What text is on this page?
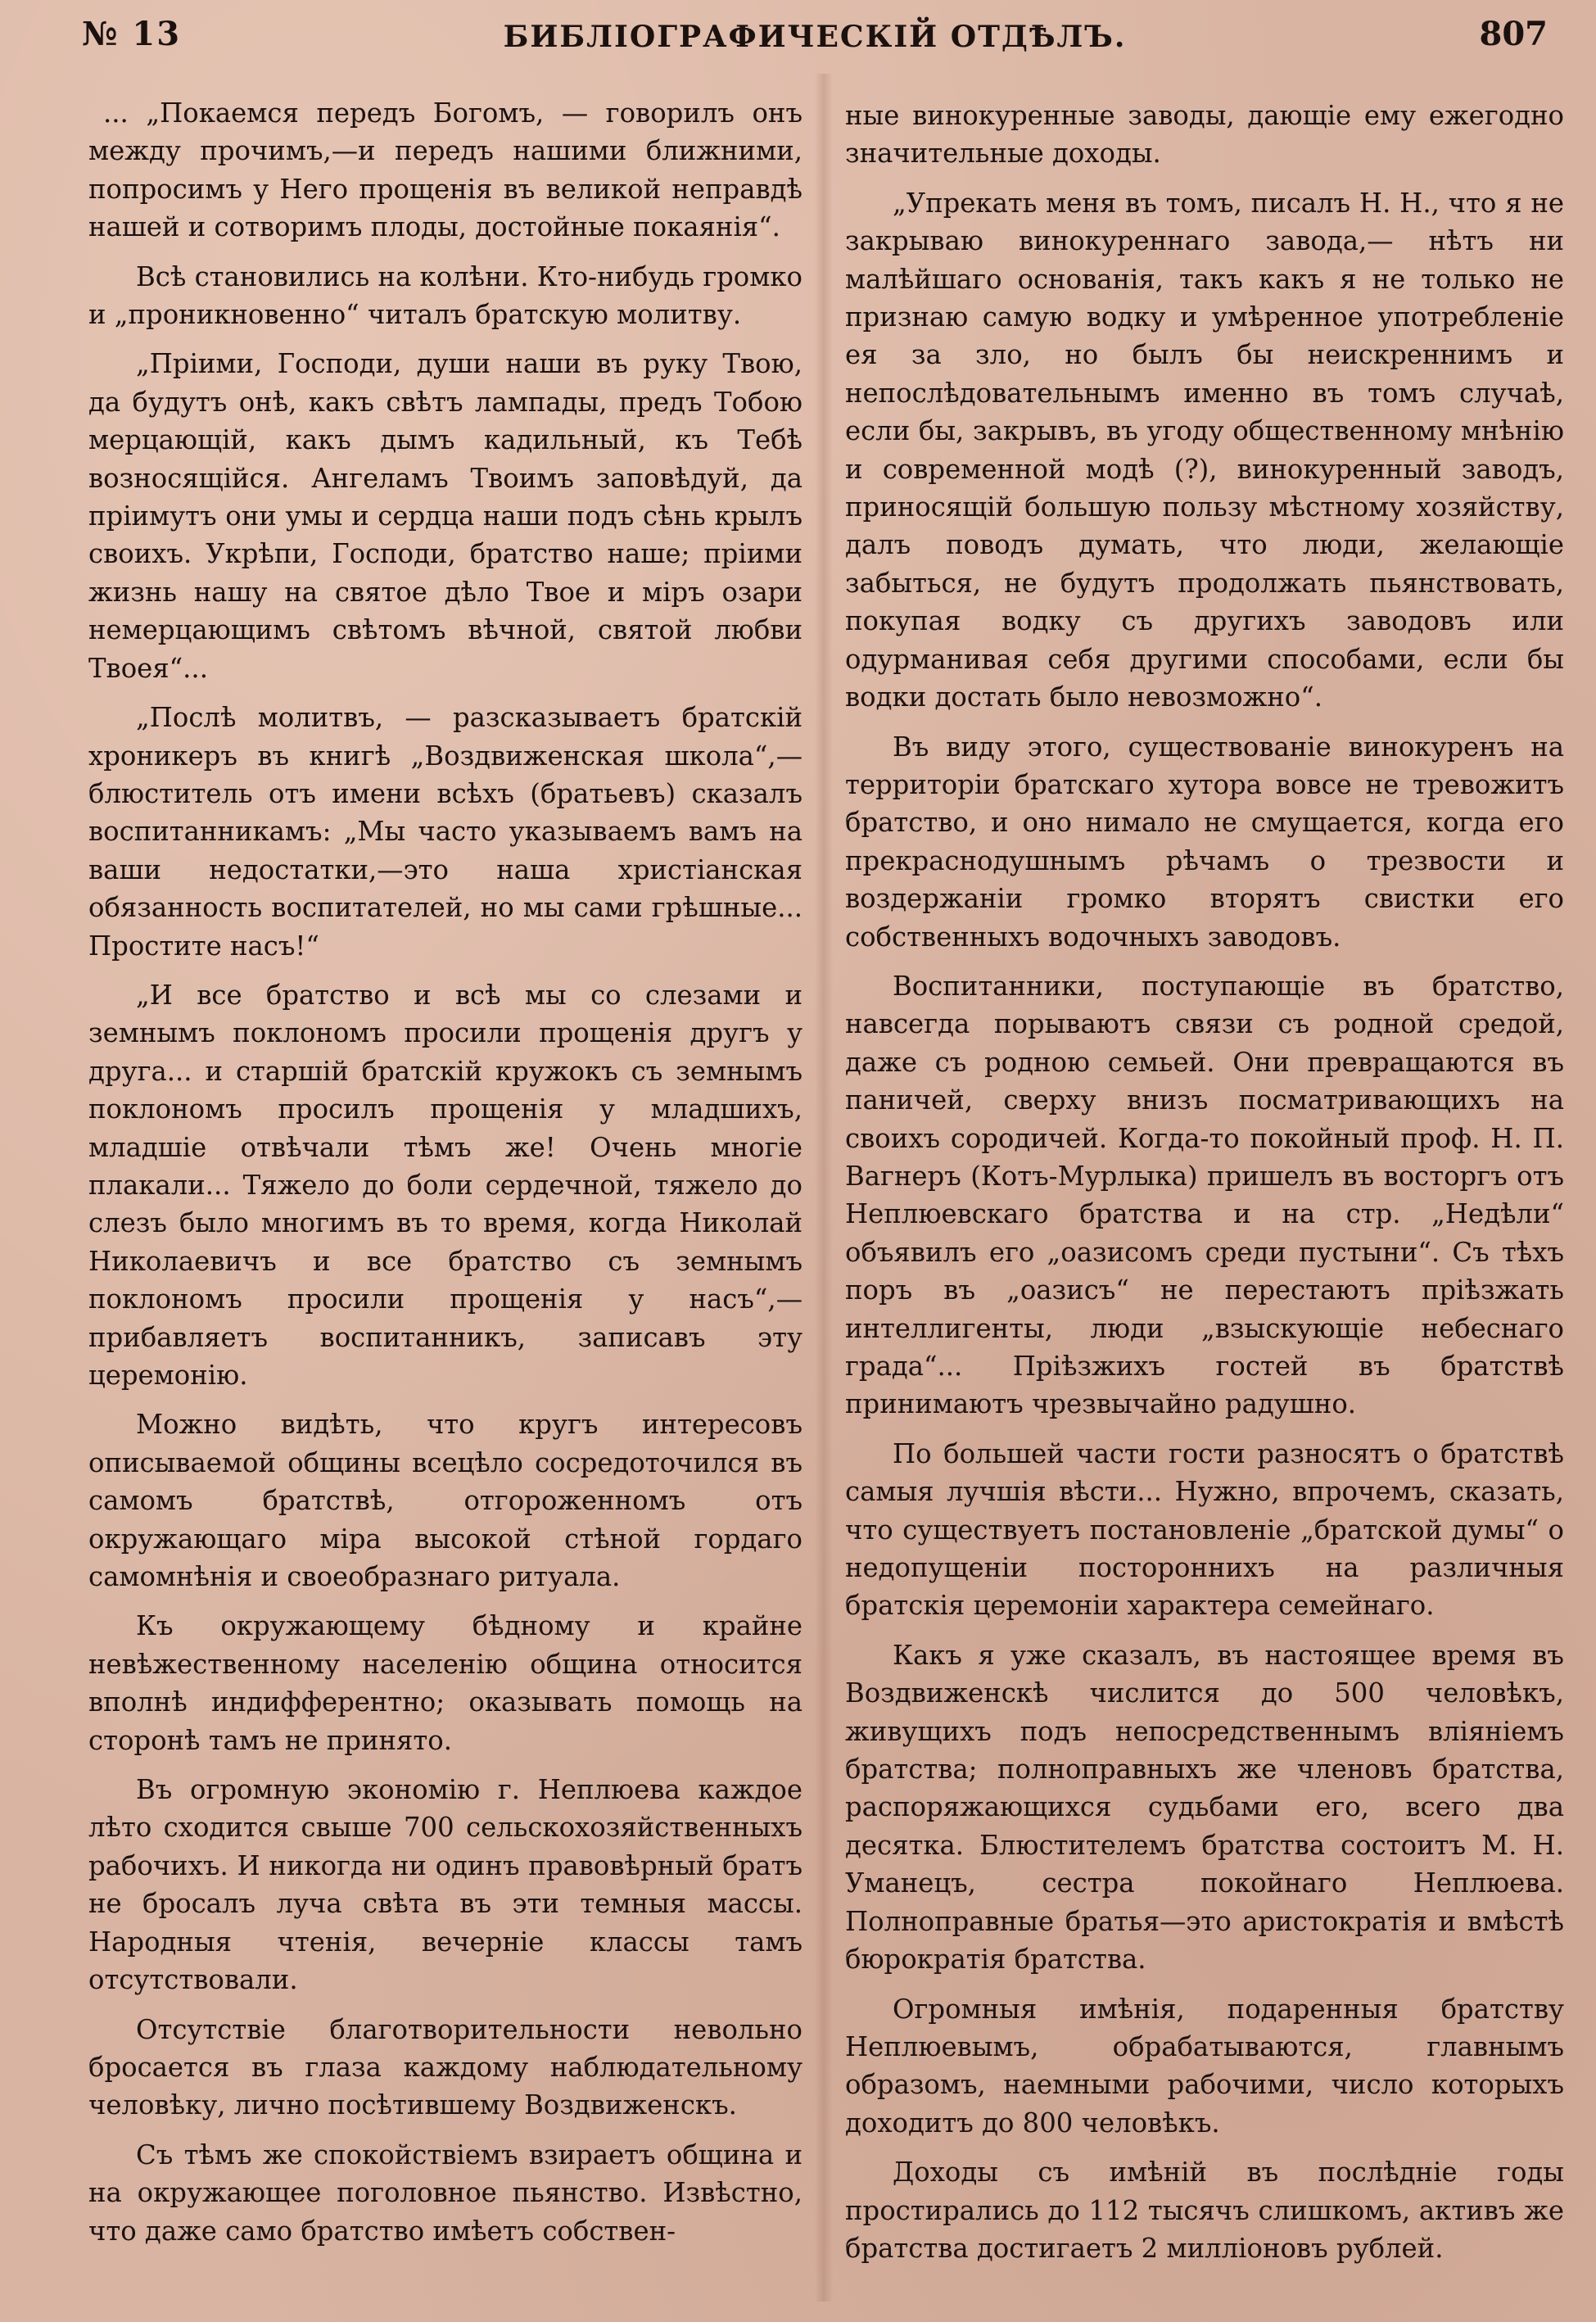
№ 13	БИБЛІОГРАФИЧЕСКІЙ ОТДѢЛЪ.	807

... „Покаемся передъ Богомъ, — говорилъ онъ между прочимъ,—и передъ нашими ближними, попросимъ у Него прощенія въ великой неправдѣ нашей и сотворимъ плоды, достойные покаянія“.

Всѣ становились на колѣни. Кто-нибудь громко и „проникновенно“ читалъ братскую молитву.

„Пріими, Господи, души наши въ руку Твою, да будутъ онѣ, какъ свѣтъ лампады, предъ Тобою мерцающій, какъ дымъ кадильный, къ Тебѣ возносящійся. Ангеламъ Твоимъ заповѣдуй, да пріимутъ они умы и сердца наши подъ сѣнь крылъ своихъ. Укрѣпи, Господи, братство наше; пріими жизнь нашу на святое дѣло Твое и міръ озари немерцающимъ свѣтомъ вѣчной, святой любви Твоея“...

„Послѣ молитвъ, — разсказываетъ братскій хроникеръ въ книгѣ „Воздвиженская школа“,— блюститель отъ имени всѣхъ (братьевъ) сказалъ воспитанникамъ: „Мы часто указываемъ вамъ на ваши недостатки,—это наша христіанская обязанность воспитателей, но мы сами грѣшные... Простите насъ!“

„И все братство и всѣ мы со слезами и земнымъ поклономъ просили прощенія другъ у друга... и старшій братскій кружокъ съ земнымъ поклономъ просилъ прощенія у младшихъ, младшіе отвѣчали тѣмъ же! Очень многіе плакали... Тяжело до боли сердечной, тяжело до слезъ было многимъ въ то время, когда Николай Николаевичъ и все братство съ земнымъ поклономъ просили прощенія у насъ“,— прибавляетъ воспитанникъ, записавъ эту церемонію.

Можно видѣть, что кругъ интересовъ описываемой общины всецѣло сосредоточился въ самомъ братствѣ, отгороженномъ отъ окружающаго міра высокой стѣной гордаго самомнѣнія и своеобразнаго ритуала.

Къ окружающему бѣдному и крайне невѣжественному населенію община относится вполнѣ индифферентно; оказывать помощь на сторонѣ тамъ не принято.

Въ огромную экономію г. Неплюева каждое лѣто сходится свыше 700 сельскохозяйственныхъ рабочихъ. И никогда ни одинъ правовѣрный братъ не бросалъ луча свѣта въ эти темныя массы. Народныя чтенія, вечерніе классы тамъ отсутствовали.

Отсутствіе благотворительности невольно бросается въ глаза каждому наблюдательному человѣку, лично посѣтившему Воздвиженскъ.

Съ тѣмъ же спокойствіемъ взираетъ община и на окружающее поголовное пьянство. Извѣстно, что даже само братство имѣетъ собствен-

ные винокуренные заводы, дающіе ему ежегодно значительные доходы.

„Упрекать меня въ томъ, писалъ Н. Н., что я не закрываю винокуреннаго завода,— нѣтъ ни малѣйшаго основанія, такъ какъ я не только не признаю самую водку и умѣренное употребленіе ея за зло, но былъ бы неискреннимъ и непослѣдовательнымъ именно въ томъ случаѣ, если бы, закрывъ, въ угоду общественному мнѣнію и современной модѣ (?), винокуренный заводъ, приносящій большую пользу мѣстному хозяйству, далъ поводъ думать, что люди, желающіе забыться, не будутъ продолжать пьянствовать, покупая водку съ другихъ заводовъ или одурманивая себя другими способами, если бы водки достать было невозможно“.

Въ виду этого, существованіе винокуренъ на территоріи братскаго хутора вовсе не тревожитъ братство, и оно нимало не смущается, когда его прекраснодушнымъ рѣчамъ о трезвости и воздержаніи громко вторятъ свистки его собственныхъ водочныхъ заводовъ.

Воспитанники, поступающіе въ братство, навсегда порываютъ связи съ родной средой, даже съ родною семьей. Они превращаются въ паничей, сверху внизъ посматривающихъ на своихъ сородичей. Когда-то покойный проф. Н. П. Вагнеръ (Котъ-Мурлыка) пришелъ въ восторгъ отъ Неплюевскаго братства и на стр. „Недѣли“ объявилъ его „оазисомъ среди пустыни“. Съ тѣхъ поръ въ „оазисъ“ не перестаютъ пріѣзжать интеллигенты, люди „взыскующіе небеснаго града“... Пріѣзжихъ гостей въ братствѣ принимаютъ чрезвычайно радушно.

По большей части гости разносятъ о братствѣ самыя лучшія вѣсти... Нужно, впрочемъ, сказать, что существуетъ постановленіе „братской думы“ о недопущеніи постороннихъ на различныя братскія церемоніи характера семейнаго.

Какъ я уже сказалъ, въ настоящее время въ Воздвиженскѣ числится до 500 человѣкъ, живущихъ подъ непосредственнымъ вліяніемъ братства; полноправныхъ же членовъ братства, распоряжающихся судьбами его, всего два десятка. Блюстителемъ братства состоитъ М. Н. Уманецъ, сестра покойнаго Неплюева. Полноправные братья—это аристократія и вмѣстѣ бюрократія братства.

Огромныя имѣнія, подаренныя братству Неплюевымъ, обрабатываются, главнымъ образомъ, наемными рабочими, число которыхъ доходитъ до 800 человѣкъ.

Доходы съ имѣній въ послѣдніе годы простирались до 112 тысячъ слишкомъ, активъ же братства достигаетъ 2 милліоновъ рублей.
